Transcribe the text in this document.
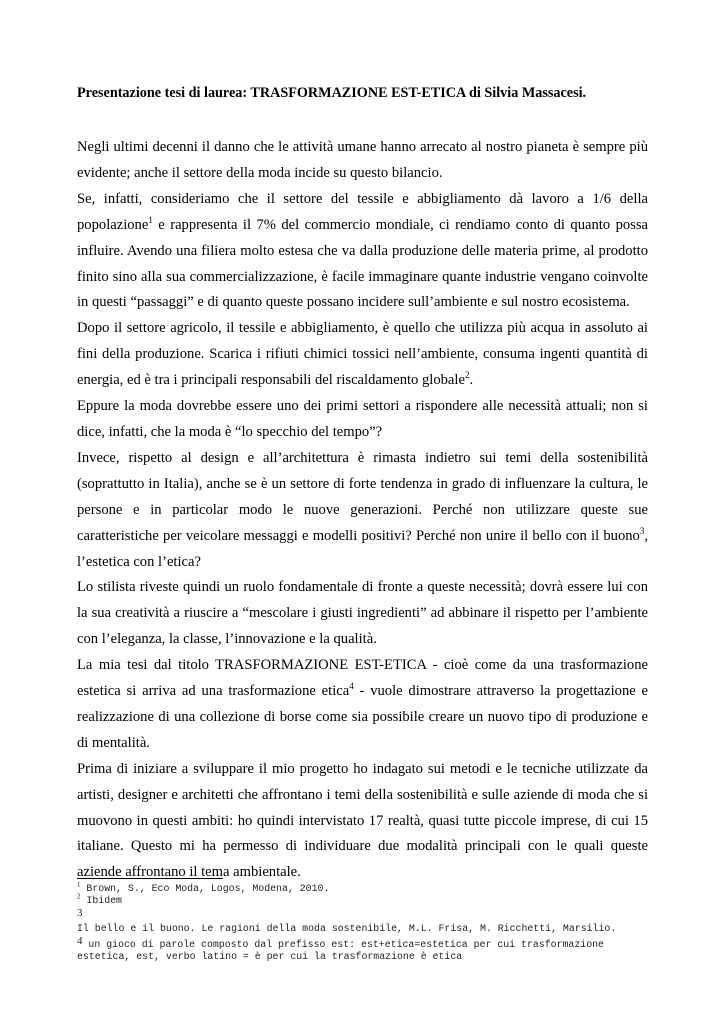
Presentazione tesi di laurea: TRASFORMAZIONE EST-ETICA di Silvia Massacesi.

Negli ultimi decenni il danno che le attività umane hanno arrecato al nostro pianeta è sempre più evidente; anche il settore della moda incide su questo bilancio.

Se, infatti, consideriamo che il settore del tessile e abbigliamento dà lavoro a 1/6 della popolazione$^1$ e rappresenta il 7% del commercio mondiale, ci rendiamo conto di quanto possa influire. Avendo una filiera molto estesa che va dalla produzione delle materia prime, al prodotto finito sino alla sua commercializzazione, è facile immaginare quante industrie vengano coinvolte in questi “passaggi” e di quanto queste possano incidere sull’ambiente e sul nostro ecosistema.

Dopo il settore agricolo, il tessile e abbigliamento, è quello che utilizza più acqua in assoluto ai fini della produzione. Scarica i rifiuti chimici tossici nell’ambiente, consuma ingenti quantità di energia, ed è tra i principali responsabili del riscaldamento globale$^2$.

Eppure la moda dovrebbe essere uno dei primi settori a rispondere alle necessità attuali; non si dice, infatti, che la moda è “lo specchio del tempo”?

Invece, rispetto al design e all’architettura è rimasta indietro sui temi della sostenibilità (soprattutto in Italia), anche se è un settore di forte tendenza in grado di influenzare la cultura, le persone e in particolar modo le nuove generazioni. Perché non utilizzare queste sue caratteristiche per veicolare messaggi e modelli positivi? Perché non unire il bello con il buono$^3$, l’estetica con l’etica?

Lo stilista riveste quindi un ruolo fondamentale di fronte a queste necessità; dovrà essere lui con la sua creatività a riuscire a “mescolare i giusti ingredienti” ad abbinare il rispetto per l’ambiente con l’eleganza, la classe, l’innovazione e la qualità.

La mia tesi dal titolo TRASFORMAZIONE EST-ETICA - cioè come da una trasformazione estetica si arriva ad una trasformazione etica$^4$ - vuole dimostrare attraverso la progettazione e realizzazione di una collezione di borse come sia possibile creare un nuovo tipo di produzione e di mentalità.

Prima di iniziare a sviluppare il mio progetto ho indagato sui metodi e le tecniche utilizzate da artisti, designer e architetti che affrontano i temi della sostenibilità e sulle aziende di moda che si muovono in questi ambiti: ho quindi intervistato 17 realtà, quasi tutte piccole imprese, di cui 15 italiane. Questo mi ha permesso di individuare due modalità principali con le quali queste aziende affrontano il tema ambientale.

$^1$ Brown, S., Eco Moda, Logos, Modena, 2010.

$^2$ Ibidem

3
Il bello e il buono. Le ragioni della moda sostenibile, M.L. Frisa, M. Ricchetti, Marsilio.

4 un gioco di parole composto dal prefisso est: est+etica=estetica per cui trasformazione estetica, est, verbo latino = è per cui la trasformazione è etica
